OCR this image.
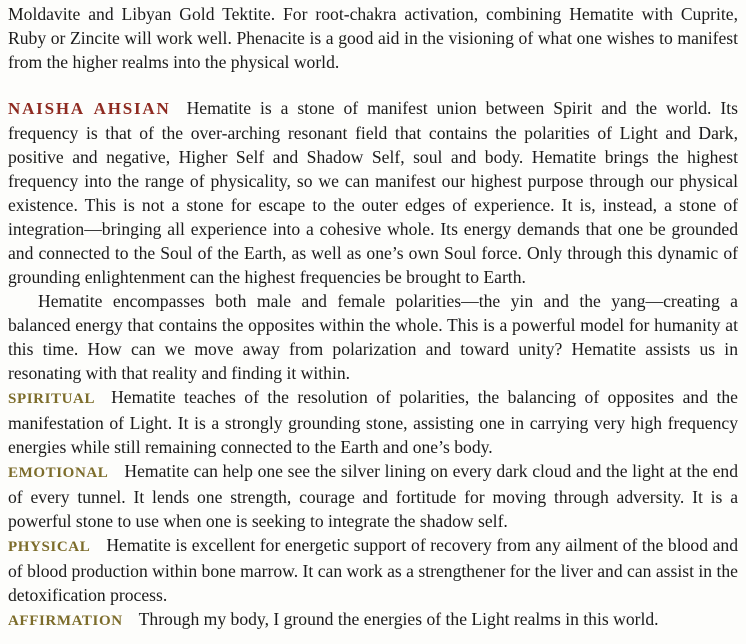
Moldavite and Libyan Gold Tektite. For root-chakra activation, combining Hematite with Cuprite, Ruby or Zincite will work well. Phenacite is a good aid in the visioning of what one wishes to manifest from the higher realms into the physical world.

NAISHA AHSIAN Hematite is a stone of manifest union between Spirit and the world. Its frequency is that of the over-arching resonant field that contains the polarities of Light and Dark, positive and negative, Higher Self and Shadow Self, soul and body. Hematite brings the highest frequency into the range of physicality, so we can manifest our highest purpose through our physical existence. This is not a stone for escape to the outer edges of experience. It is, instead, a stone of integration—bringing all experience into a cohesive whole. Its energy demands that one be grounded and connected to the Soul of the Earth, as well as one’s own Soul force. Only through this dynamic of grounding enlightenment can the highest frequencies be brought to Earth.

Hematite encompasses both male and female polarities—the yin and the yang—creating a balanced energy that contains the opposites within the whole. This is a powerful model for humanity at this time. How can we move away from polarization and toward unity? Hematite assists us in resonating with that reality and finding it within.

SPIRITUAL Hematite teaches of the resolution of polarities, the balancing of opposites and the manifestation of Light. It is a strongly grounding stone, assisting one in carrying very high frequency energies while still remaining connected to the Earth and one’s body.

EMOTIONAL Hematite can help one see the silver lining on every dark cloud and the light at the end of every tunnel. It lends one strength, courage and fortitude for moving through adversity. It is a powerful stone to use when one is seeking to integrate the shadow self.

PHYSICAL Hematite is excellent for energetic support of recovery from any ailment of the blood and of blood production within bone marrow. It can work as a strengthener for the liver and can assist in the detoxification process.

AFFIRMATION Through my body, I ground the energies of the Light realms in this world.
